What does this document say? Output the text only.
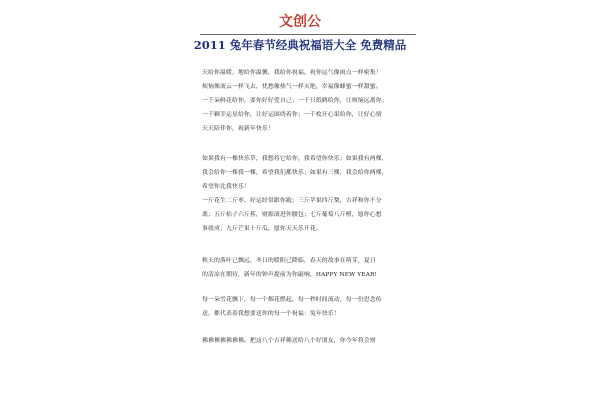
文创公
2011 兔年春节经典祝福语大全 免费精品
天给你温暖，地给你温馨，我给你祝福。祝你运气像雨点一样密集！
烦恼像流云一样飞去，忧愁像热气一样灭绝，幸福像蜂蜜一样甜蜜。
一千朵鲜花给你，要你好好爱自己；一千只纸鹤给你，让烦恼远离你；
一千颗幸运星给你，让好运围绕着你；一千枚开心果给你，让好心情
天天陪伴你，祝新年快乐！
如果我有一棵快乐草，我想将它给你，我希望你快乐；如果我有两棵，
我会给你一棵我一棵，希望我们都快乐；如果有三棵，我会给你两棵，
希望你比我快乐！
一斤花生二斤枣，好运经常跟你跑；三斤苹果四斤梨，吉祥和你不分
离；五斤桔子六斤蕉，财源滚进你腰包；七斤葡萄八斤橙，愿你心想
事就成；九斤芒果十斤瓜，愿你天天乐开花。
秋天的落叶已飘远，冬日的暖阳已降临，春天的故事在萌芽，夏日
的清凉在期待，新年的钟声提前为你敲响，HAPPY NEW YEAR!
每一朵雪花飘下，每一个烟花燃起，每一秒时间流动，每一份思念传
送，都代表着我想要送你的每一个祝福：兔年快乐！
佛佛佛佛佛佛佛。把这八个吉祥佛送给八个好朋友，你今年将会财
